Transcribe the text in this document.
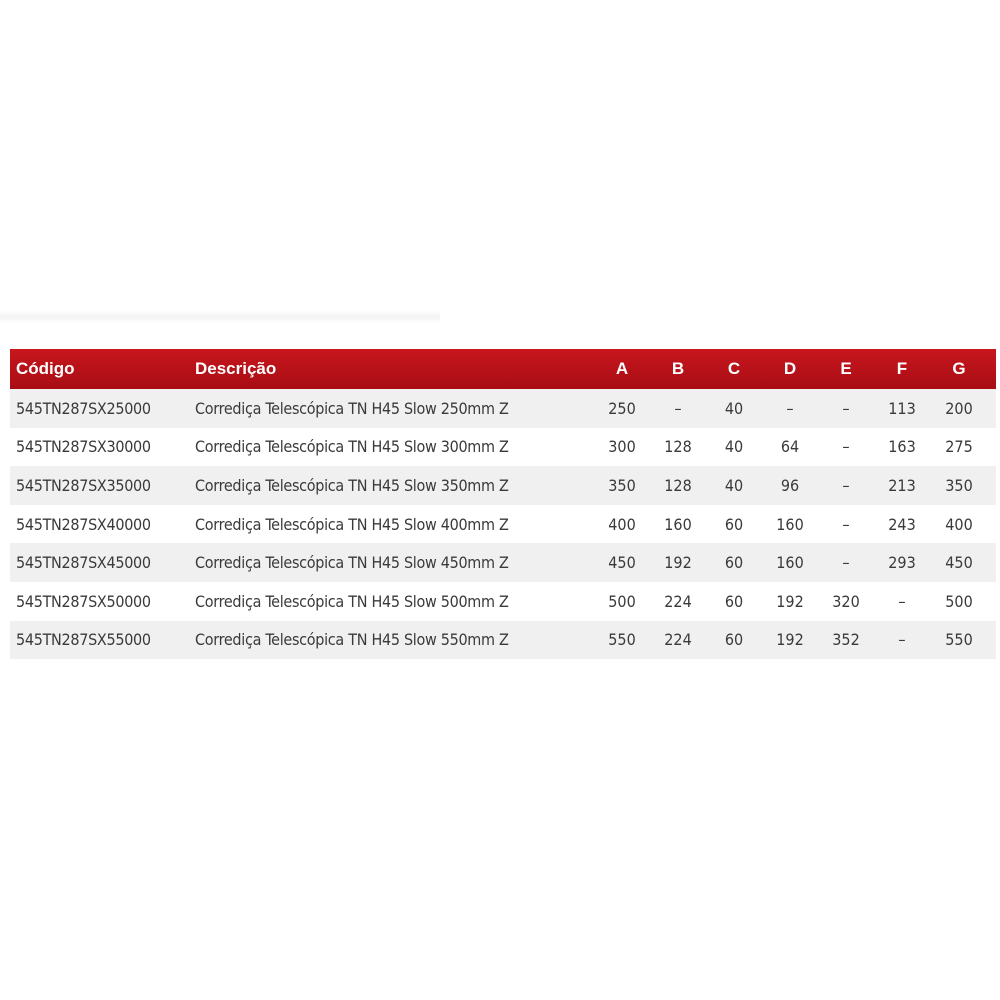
Código	Descrição	A	B	C	D	E	F	G
545TN287SX25000	Corrediça Telescópica TN H45 Slow 250mm Z	250	–	40	–	–	113	200
545TN287SX30000	Corrediça Telescópica TN H45 Slow 300mm Z	300	128	40	64	–	163	275
545TN287SX35000	Corrediça Telescópica TN H45 Slow 350mm Z	350	128	40	96	–	213	350
545TN287SX40000	Corrediça Telescópica TN H45 Slow 400mm Z	400	160	60	160	–	243	400
545TN287SX45000	Corrediça Telescópica TN H45 Slow 450mm Z	450	192	60	160	–	293	450
545TN287SX50000	Corrediça Telescópica TN H45 Slow 500mm Z	500	224	60	192	320	–	500
545TN287SX55000	Corrediça Telescópica TN H45 Slow 550mm Z	550	224	60	192	352	–	550
